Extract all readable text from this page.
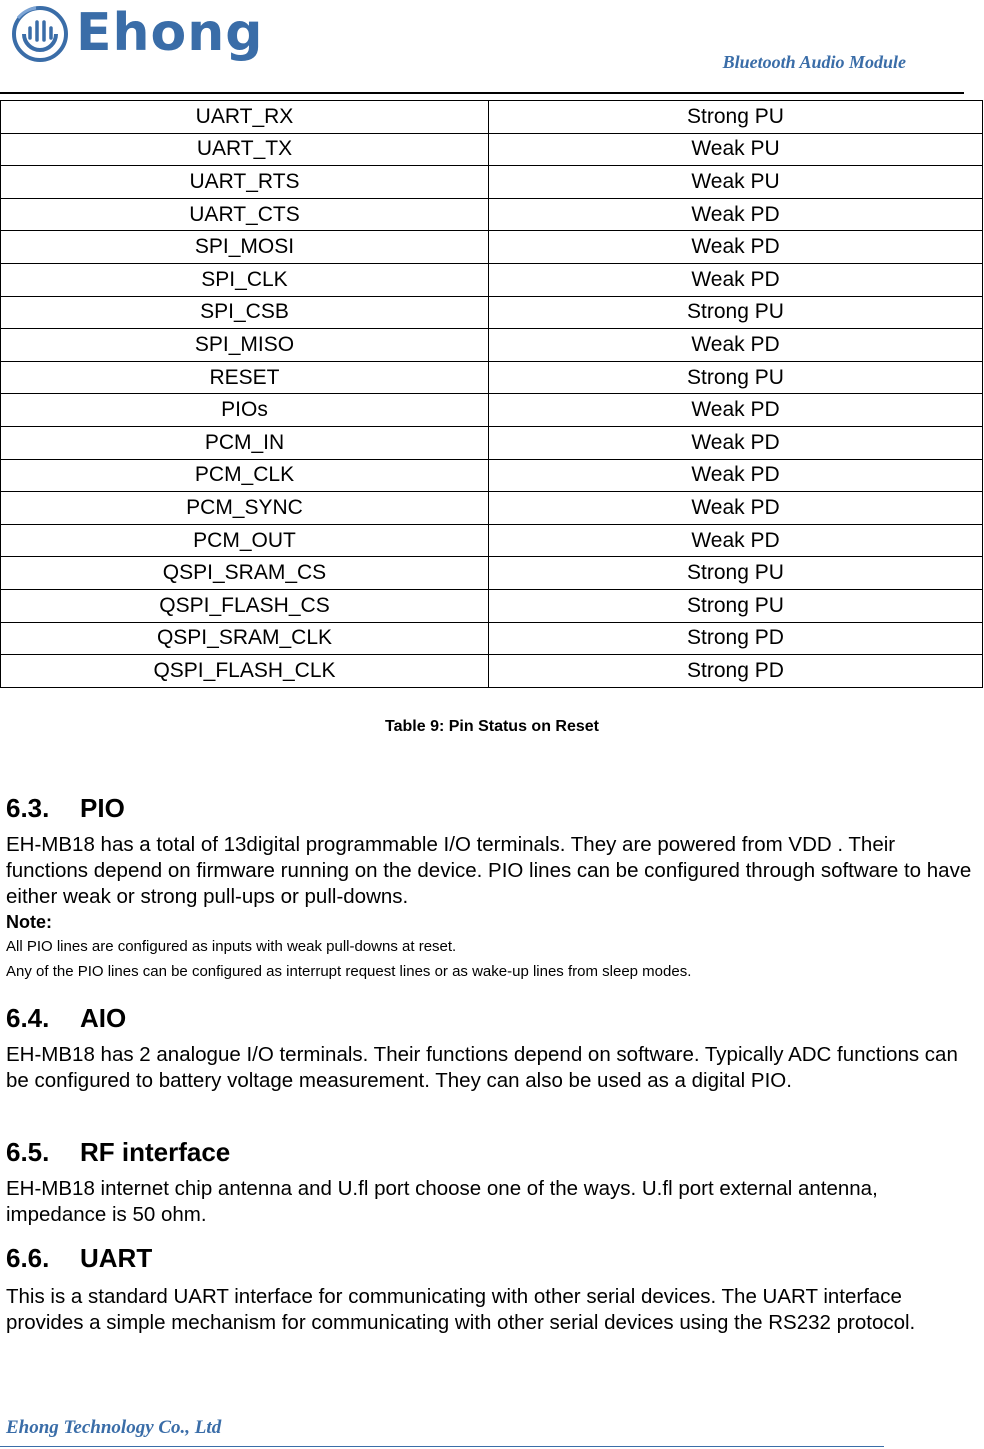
Ehong	Bluetooth Audio Module
UART_RX	Strong PU
UART_TX	Weak PU
UART_RTS	Weak PU
UART_CTS	Weak PD
SPI_MOSI	Weak PD
SPI_CLK	Weak PD
SPI_CSB	Strong PU
SPI_MISO	Weak PD
RESET	Strong PU
PIOs	Weak PD
PCM_IN	Weak PD
PCM_CLK	Weak PD
PCM_SYNC	Weak PD
PCM_OUT	Weak PD
QSPI_SRAM_CS	Strong PU
QSPI_FLASH_CS	Strong PU
QSPI_SRAM_CLK	Strong PD
QSPI_FLASH_CLK	Strong PD
Table 9: Pin Status on Reset
6.3. PIO

EH-MB18 has a total of 13digital programmable I/O terminals. They are powered from VDD . Their functions depend on firmware running on the device. PIO lines can be configured through software to have either weak or strong pull-ups or pull-downs.

Note:

All PIO lines are configured as inputs with weak pull-downs at reset.

Any of the PIO lines can be configured as interrupt request lines or as wake-up lines from sleep modes.

6.4. AIO

EH-MB18 has 2 analogue I/O terminals. Their functions depend on software. Typically ADC functions can be configured to battery voltage measurement. They can also be used as a digital PIO.

6.5. RF interface

EH-MB18 internet chip antenna and U.fl port choose one of the ways. U.fl port external antenna, impedance is 50 ohm.

6.6. UART

This is a standard UART interface for communicating with other serial devices. The UART interface provides a simple mechanism for communicating with other serial devices using the RS232 protocol.

Ehong Technology Co., Ltd
